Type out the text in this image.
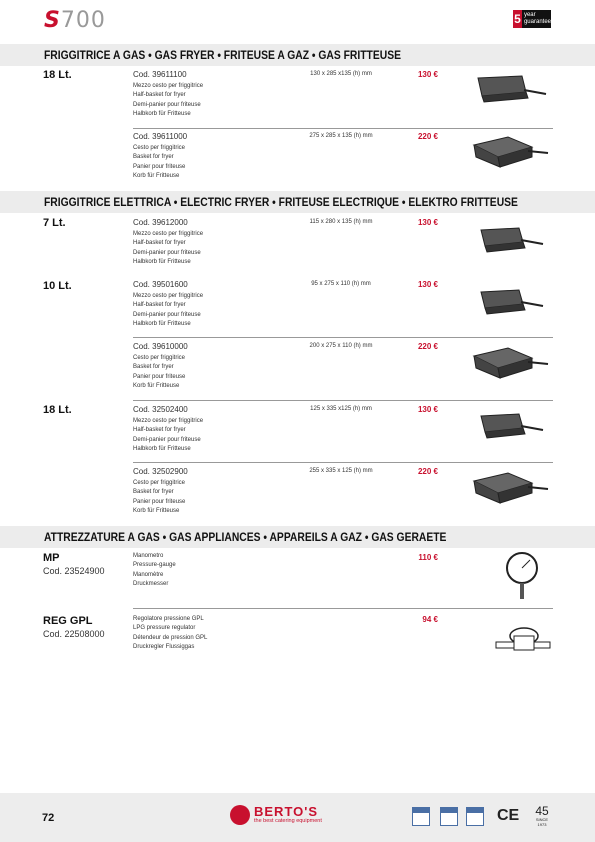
S700	5 year
guarantee
FRIGGITRICE A GAS • GAS FRYER • FRITEUSE A GAZ • GAS FRITTEUSE
18 Lt.	Cod. 39611100
Mezzo cesto per friggitrice
Half-basket for fryer
Demi-panier pour friteuse
Halbkorb für Fritteuse
130 x 285 x135 (h) mm	130 €
Cod. 39611000
Cesto per friggitrice
Basket for fryer
Panier pour friteuse
Korb für Fritteuse
275 x 285 x 135 (h) mm	220 €
FRIGGITRICE ELETTRICA • ELECTRIC FRYER • FRITEUSE ELECTRIQUE • ELEKTRO FRITTEUSE
7 Lt.	Cod. 39612000
Mezzo cesto per friggitrice
Half-basket for fryer
Demi-panier pour friteuse
Halbkorb für Fritteuse
115 x 280 x 135 (h) mm	130 €
10 Lt.	Cod. 39501600
Mezzo cesto per friggitrice
Half-basket for fryer
Demi-panier pour friteuse
Halbkorb für Fritteuse
95 x 275 x 110 (h) mm	130 €
Cod. 39610000
Cesto per friggitrice
Basket for fryer
Panier pour friteuse
Korb für Fritteuse
200 x 275 x 110 (h) mm	220 €
18 Lt.	Cod. 32502400
Mezzo cesto per friggitrice
Half-basket for fryer
Demi-panier pour friteuse
Halbkorb für Fritteuse
125 x 335 x125 (h) mm	130 €
Cod. 32502900
Cesto per friggitrice
Basket for fryer
Panier pour friteuse
Korb für Fritteuse
255 x 335 x 125 (h) mm	220 €
ATTREZZATURE A GAS • GAS APPLIANCES • APPAREILS A GAZ • GAS GERAETE
MP
Cod. 23524900
Manometro
Pressure-gauge
Manomètre
Druckmesser
110 €
REG GPL
Cod. 22508000
Regolatore pressione GPL
LPG pressure regulator
Détendeur de pression GPL
Druckregler Flussiggas
94 €
72	BERTO'S
the best catering equipment	CE 45
SINCE 1973
